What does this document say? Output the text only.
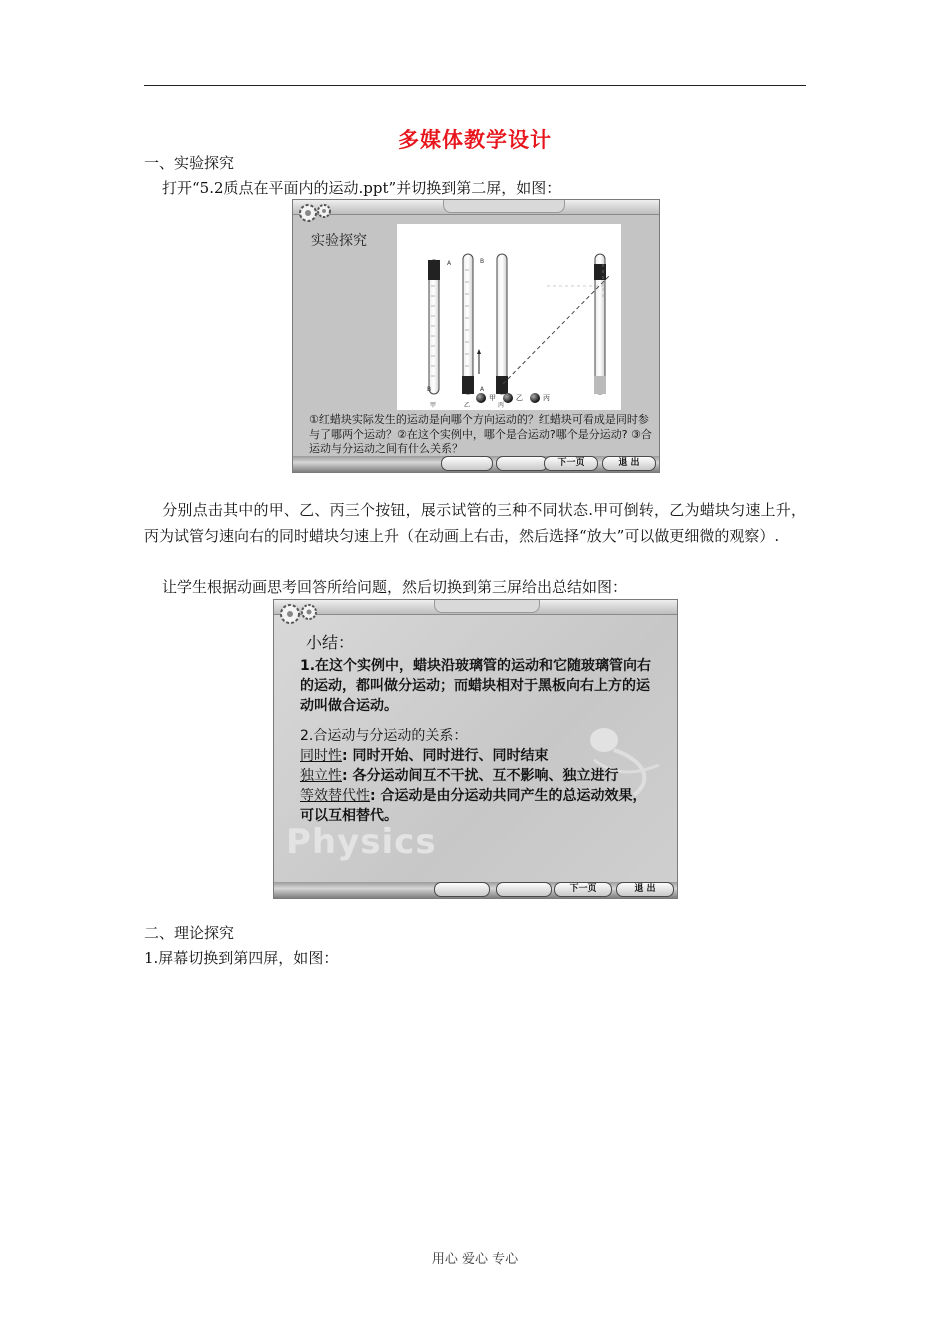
多媒体教学设计
一、实验探究
打开“5.2质点在平面内的运动.ppt”并切换到第二屏，如图：
实验探究
A
B
B
A
甲	乙	丙
甲	乙	丙
①红蜡块实际发生的运动是向哪个方向运动的？红蜡块可看成是同时参与了哪两个运动？②在这个实例中，哪个是合运动?哪个是分运动? ③合运动与分运动之间有什么关系？
下一页	退 出
分别点击其中的甲、乙、丙三个按钮，展示试管的三种不同状态.甲可倒转，乙为蜡块匀速上升，丙为试管匀速向右的同时蜡块匀速上升（在动画上右击，然后选择“放大”可以做更细微的观察）.
让学生根据动画思考回答所给问题，然后切换到第三屏给出总结如图：
Physics
小结：
1.在这个实例中，蜡块沿玻璃管的运动和它随玻璃管向右的运动，都叫做分运动；而蜡块相对于黑板向右上方的运动叫做合运动。
2.合运动与分运动的关系：
同时性: 同时开始、同时进行、同时结束
独立性: 各分运动间互不干扰、互不影响、独立进行
等效替代性: 合运动是由分运动共同产生的总运动效果，可以互相替代。
下一页	退 出
二、理论探究
1.屏幕切换到第四屏，如图：
用心 爱心 专心
